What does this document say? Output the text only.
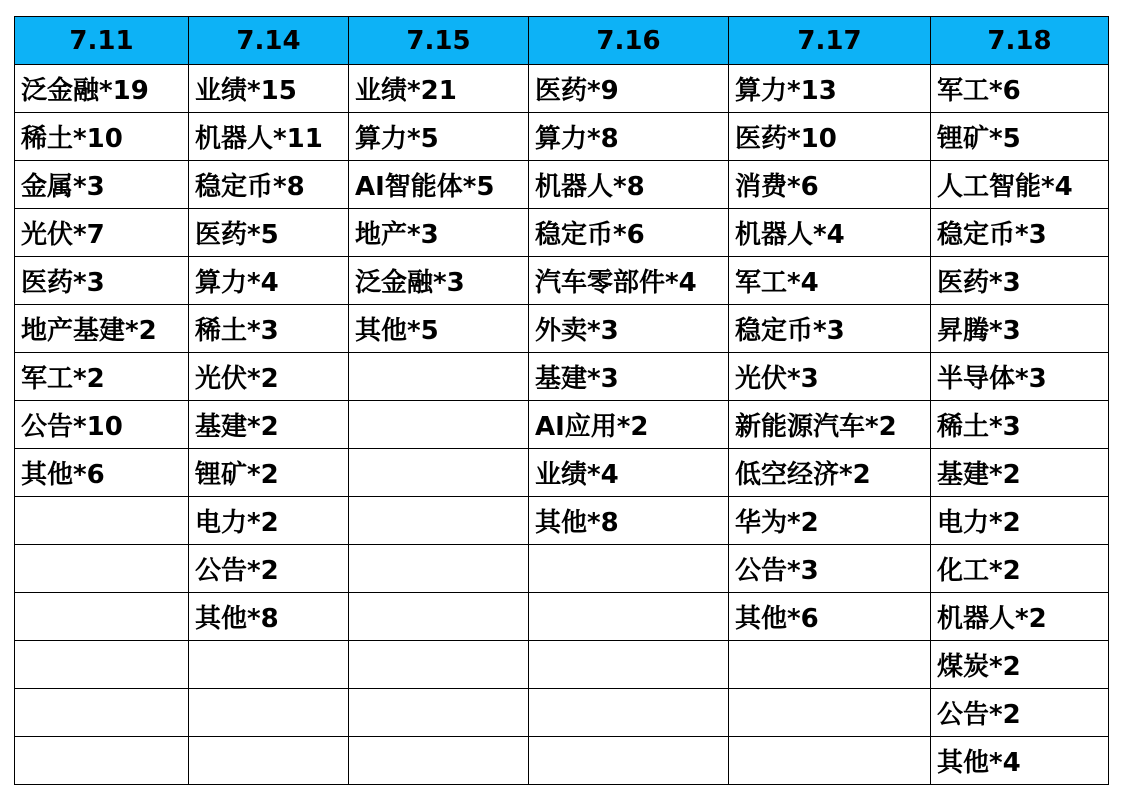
7.11	7.14	7.15	7.16	7.17	7.18
泛金融*19	业绩*15	业绩*21	医药*9	算力*13	军工*6
稀土*10	机器人*11	算力*5	算力*8	医药*10	锂矿*5
金属*3	稳定币*8	AI智能体*5	机器人*8	消费*6	人工智能*4
光伏*7	医药*5	地产*3	稳定币*6	机器人*4	稳定币*3
医药*3	算力*4	泛金融*3	汽车零部件*4	军工*4	医药*3
地产基建*2	稀土*3	其他*5	外卖*3	稳定币*3	昇腾*3
军工*2	光伏*2		基建*3	光伏*3	半导体*3
公告*10	基建*2		AI应用*2	新能源汽车*2	稀土*3
其他*6	锂矿*2		业绩*4	低空经济*2	基建*2
	电力*2		其他*8	华为*2	电力*2
	公告*2			公告*3	化工*2
	其他*8			其他*6	机器人*2
					煤炭*2
					公告*2
					其他*4
